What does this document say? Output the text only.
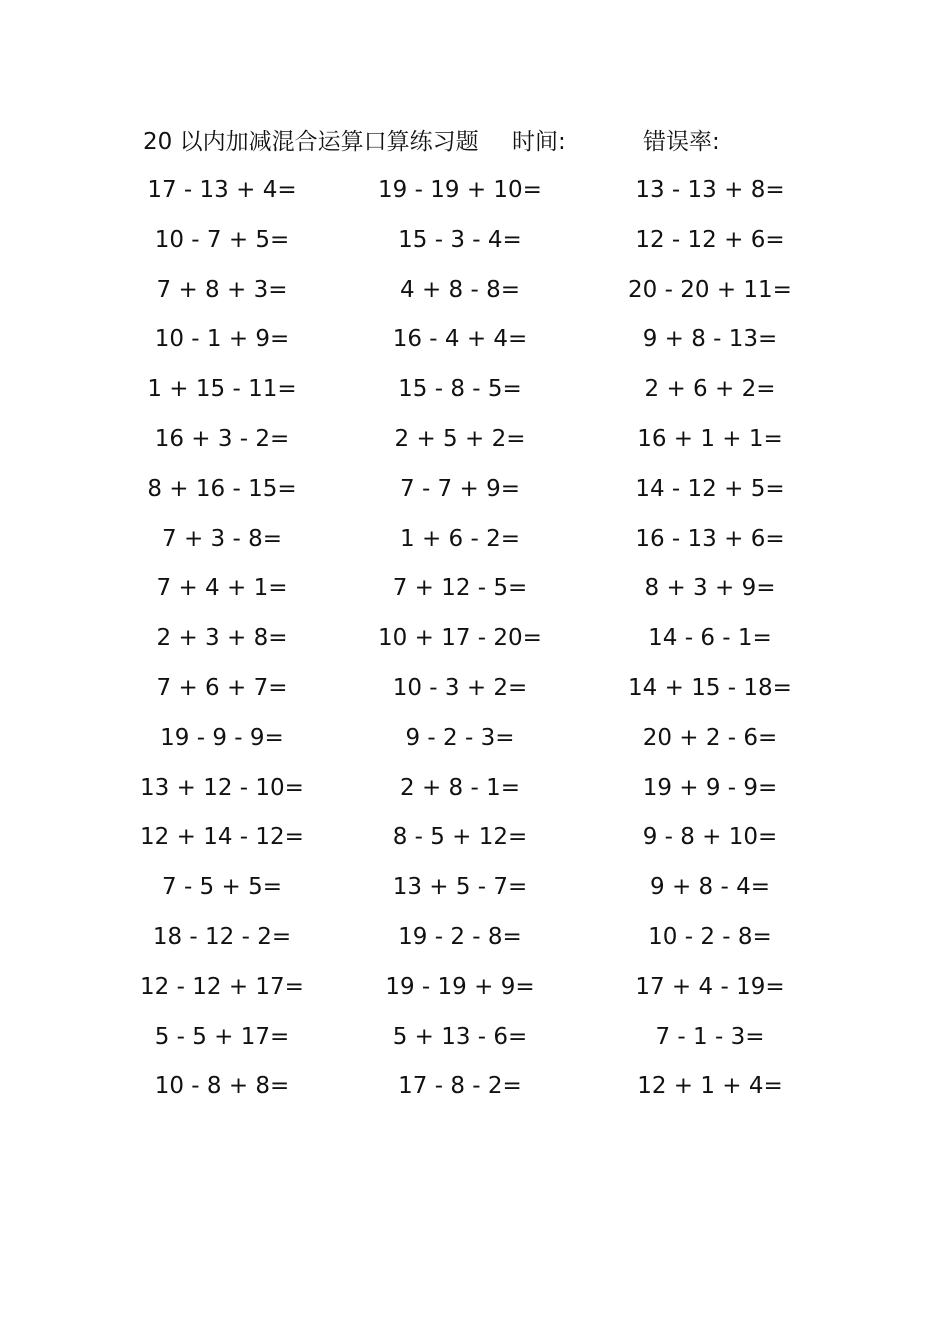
20 以内加减混合运算口算练习题 时间:	错误率:
17 - 13 + 4=	19 - 19 + 10=	13 - 13 + 8=
10 - 7 + 5=	15 - 3 - 4=	12 - 12 + 6=
7 + 8 + 3=	4 + 8 - 8=	20 - 20 + 11=
10 - 1 + 9=	16 - 4 + 4=	9 + 8 - 13=
1 + 15 - 11=	15 - 8 - 5=	2 + 6 + 2=
16 + 3 - 2=	2 + 5 + 2=	16 + 1 + 1=
8 + 16 - 15=	7 - 7 + 9=	14 - 12 + 5=
7 + 3 - 8=	1 + 6 - 2=	16 - 13 + 6=
7 + 4 + 1=	7 + 12 - 5=	8 + 3 + 9=
2 + 3 + 8=	10 + 17 - 20=	14 - 6 - 1=
7 + 6 + 7=	10 - 3 + 2=	14 + 15 - 18=
19 - 9 - 9=	9 - 2 - 3=	20 + 2 - 6=
13 + 12 - 10=	2 + 8 - 1=	19 + 9 - 9=
12 + 14 - 12=	8 - 5 + 12=	9 - 8 + 10=
7 - 5 + 5=	13 + 5 - 7=	9 + 8 - 4=
18 - 12 - 2=	19 - 2 - 8=	10 - 2 - 8=
12 - 12 + 17=	19 - 19 + 9=	17 + 4 - 19=
5 - 5 + 17=	5 + 13 - 6=	7 - 1 - 3=
10 - 8 + 8=	17 - 8 - 2=	12 + 1 + 4=
